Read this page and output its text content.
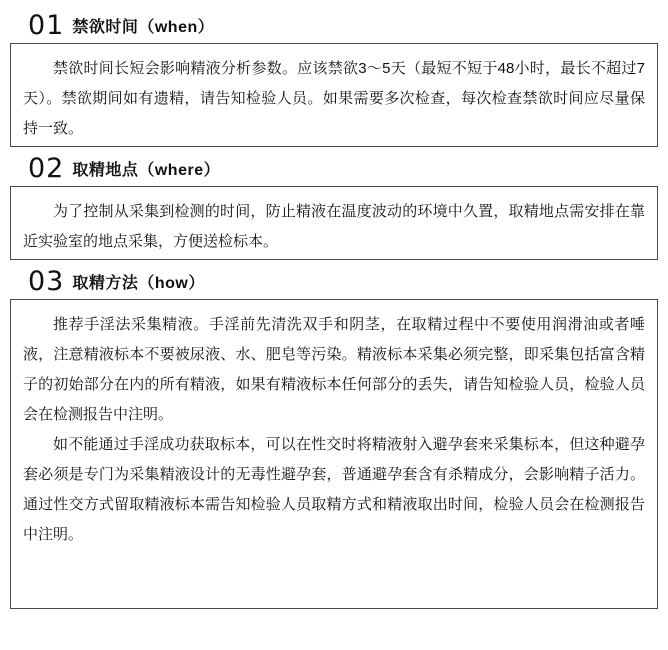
01 禁欲时间（when）

禁欲时间长短会影响精液分析参数。应该禁欲3～5天（最短不短于48小时，最长不超过7天）。禁欲期间如有遗精，请告知检验人员。如果需要多次检查，每次检查禁欲时间应尽量保持一致。

02 取精地点（where）

为了控制从采集到检测的时间，防止精液在温度波动的环境中久置，取精地点需安排在靠近实验室的地点采集，方便送检标本。

03 取精方法（how）

推荐手淫法采集精液。手淫前先清洗双手和阴茎，在取精过程中不要使用润滑油或者唾液，注意精液标本不要被尿液、水、肥皂等污染。精液标本采集必须完整，即采集包括富含精子的初始部分在内的所有精液，如果有精液标本任何部分的丢失，请告知检验人员，检验人员会在检测报告中注明。

如不能通过手淫成功获取标本，可以在性交时将精液射入避孕套来采集标本，但这种避孕套必须是专门为采集精液设计的无毒性避孕套，普通避孕套含有杀精成分，会影响精子活力。通过性交方式留取精液标本需告知检验人员取精方式和精液取出时间，检验人员会在检测报告中注明。
